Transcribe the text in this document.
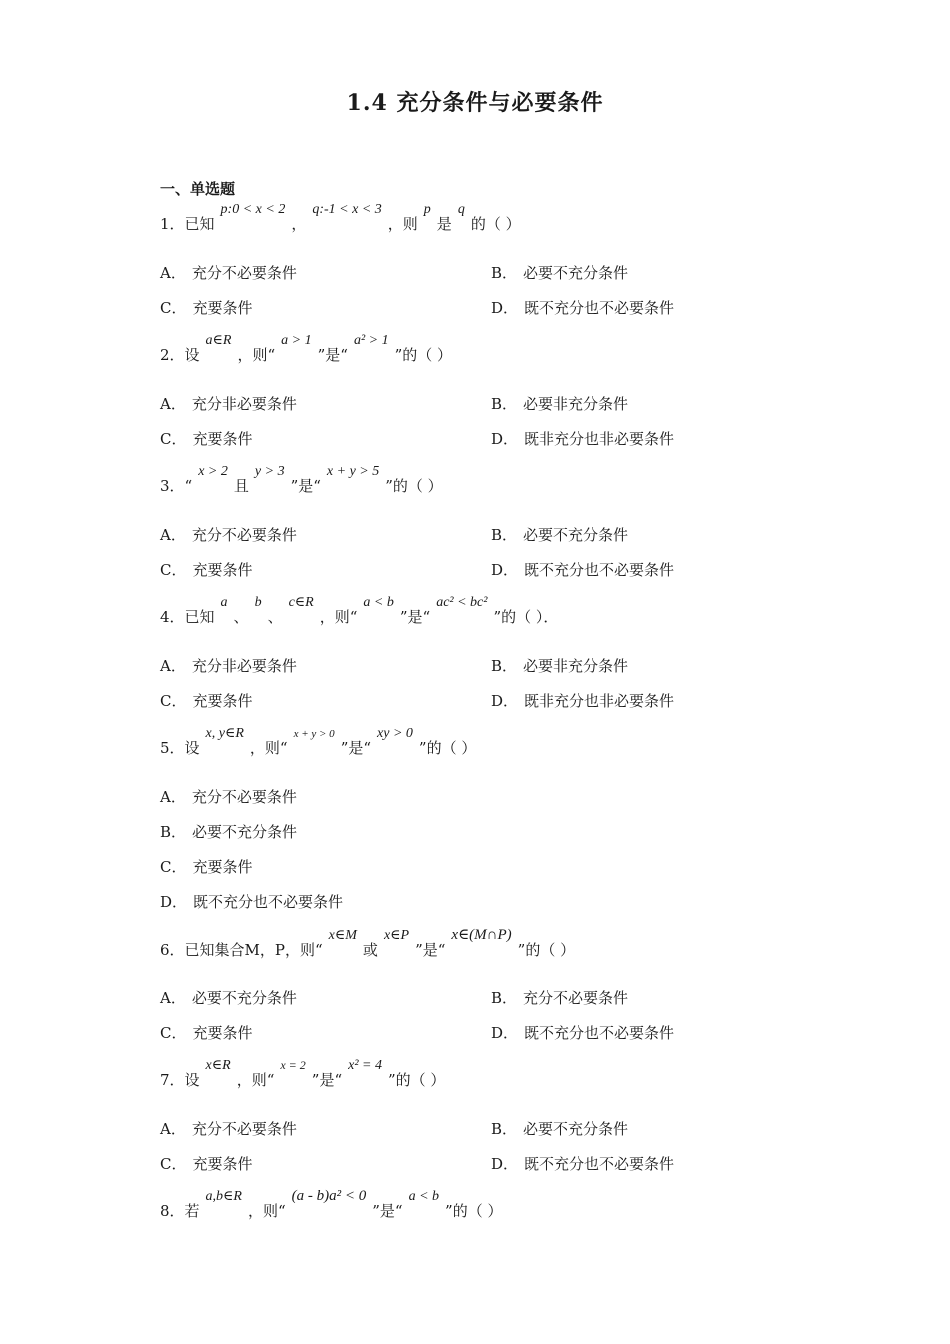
1.4 充分条件与必要条件
一、单选题
1．已知p:0 < x < 2，q:-1 < x < 3，则p是q的（ ）
A． 充分不必要条件	B． 必要不充分条件
C． 充要条件	D． 既不充分也不必要条件
2．设a∈R，则“a > 1”是“a² > 1”的（ ）
A． 充分非必要条件	B． 必要非充分条件
C． 充要条件	D． 既非充分也非必要条件
3．“x > 2且y > 3”是“x + y > 5”的（ ）
A． 充分不必要条件	B． 必要不充分条件
C． 充要条件	D． 既不充分也不必要条件
4．已知a、b、c∈R，则“a < b”是“ac² < bc²”的（ ）．
A． 充分非必要条件	B． 必要非充分条件
C． 充要条件	D． 既非充分也非必要条件
5．设x, y∈R，则“x + y > 0”是“xy > 0”的（ ）
A． 充分不必要条件
B． 必要不充分条件
C． 充要条件
D． 既不充分也不必要条件
6．已知集合M，P，则“x∈M或x∈P”是“x∈(M∩P)”的（ ）
A． 必要不充分条件	B． 充分不必要条件
C． 充要条件	D． 既不充分也不必要条件
7．设x∈R，则“x = 2”是“x² = 4”的（ ）
A． 充分不必要条件	B． 必要不充分条件
C． 充要条件	D． 既不充分也不必要条件
8．若a,b∈R，则“(a - b)a² < 0”是“a < b”的（ ）
